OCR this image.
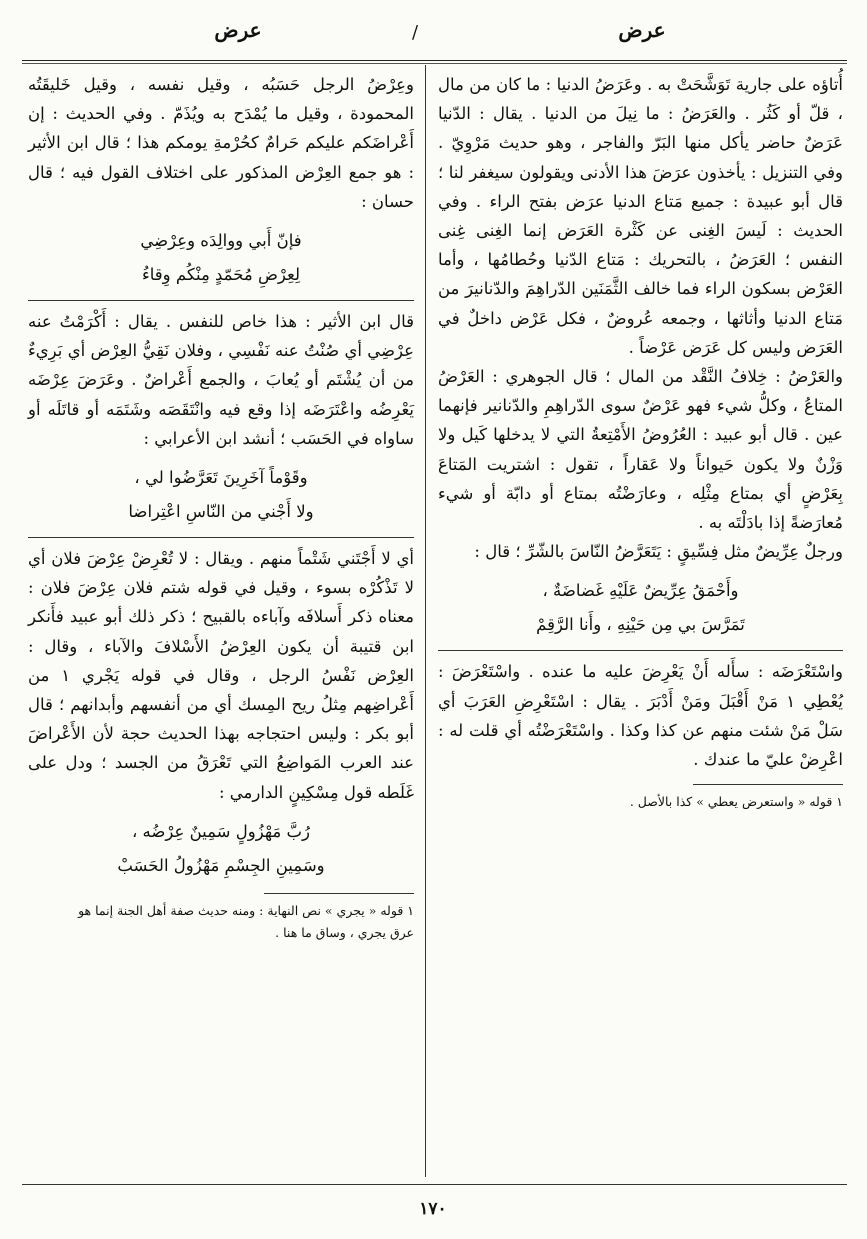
عرض
/
عرض

أُتاؤه على جارية تَوَشَّحَتْ به . وعَرَضُ الدنيا : ما كان من مال ، قلّ أو كَثُر . والعَرَضُ : ما نِيلَ من الدنيا . يقال : الدّنيا عَرَضٌ حاضر يأكل منها البَرّ والفاجر ، وهو حديث مَرْوِيّ . وفي التنزيل : يأخذون عرَضَ هذا الأدنى ويقولون سيغفر لنا ؛ قال أبو عبيدة : جميع مَتاع الدنيا عرَض بفتح الراء . وفي الحديث : لَيسَ الغِنى عن كَثْرة العَرَض إنما الغِنى غِنى النفس ؛ العَرَضُ ، بالتحريك : مَتاع الدّنيا وحُطامُها ، وأما العَرْض بسكون الراء فما خالف الثَّمَنَين الدّراهِمَ والدّنانيرَ من مَتاع الدنيا وأثاثها ، وجمعه عُروضٌ ، فكل عَرْض داخلٌ في العَرَض وليس كل عَرَض عَرْضاً .

والعَرْضُ : خِلافُ النَّقْد من المال ؛ قال الجوهري : العَرْضُ المتاعُ ، وكلُّ شيء فهو عَرْضٌ سوى الدّراهِمِ والدّنانير فإنهما عين . قال أبو عبيد : العُرُوضُ الأَمْتِعةُ التي لا يدخلها كَيل ولا وَزْنٌ ولا يكون حَيواناً ولا عَقاراً ، تقول : اشتريت المَتاعَ بِعَرْضٍ أي بمتاع مِثْلِه ، وعارَضْتُه بمتاع أو دابّة أو شيء مُعارَضةً إذا بادَلْتَه به .

ورجلٌ عِرِّيضٌ مثل فِسِّيقٍ : يَتَعَرَّضُ النّاسَ بالشّرِّ ؛ قال :

وأَحْمَقُ عِرِّيضٌ عَلَيْهِ غَضاضَةٌ ،
تَمَرَّسَ بي مِن حَيْنِهِ ، وأَنا الرَّقِمْ

واسْتَعْرَضَه : سأَله أَنْ يَعْرِضَ عليه ما عنده . واسْتَعْرَضَ : يُعْطِي ١ مَنْ أَقْبَلَ ومَنْ أَدْبَرَ . يقال : اسْتَعْرِضِ العَرَبَ أي سَلْ مَنْ شئت منهم عن كذا وكذا . واسْتَعْرَضْتُه أي قلت له : اعْرِضْ عليّ ما عندك .

١ قوله « واستعرض يعطي » كذا بالأصل .

وعِرْضُ الرجل حَسَبُه ، وقيل نفسه ، وقيل خَليقَتُه المحمودة ، وقيل ما يُمْدَح به ويُذَمّ . وفي الحديث : إن أَعْراضَكم عليكم حَرامٌ كحُرْمةِ يومكم هذا ؛ قال ابن الأثير : هو جمع العِرْض المذكور على اختلاف القول فيه ؛ قال حسان :

فإنّ أَبي ووالِدَه وعِرْضِي
لِعِرْضِ مُحَمّدٍ مِنْكُم وِقاءُ

قال ابن الأثير : هذا خاص للنفس . يقال : أَكْرَمْتُ عنه عِرْضِي أي صُنْتُ عنه نَفْسِي ، وفلان نَقِيُّ العِرْض أي بَرِيءٌ من أن يُشْتَم أو يُعابَ ، والجمع أَعْراضٌ . وعَرَضَ عِرْضَه يَعْرِضُه واعْتَرَضَه إذا وقع فيه وانْتَقَصَه وشَتَمَه أو قاتَلَه أو ساواه في الحَسَب ؛ أنشد ابن الأعرابي :

وقَوْماً آخَرِينَ تَعَرَّضُوا لي ،
ولا أَجْني من النّاسِ اعْتِراضا

أي لا أَجْتَني شَتْماً منهم . ويقال : لا تُعْرِضْ عِرْضَ فلان أي لا تَذْكُرْه بسوء ، وقيل في قوله شتم فلان عِرْضَ فلان : معناه ذكر أَسلافَه وآباءه بالقبيح ؛ ذكر ذلك أبو عبيد فأَنكر ابن قتيبة أن يكون العِرْضُ الأَسْلافَ والآباء ، وقال : العِرْض نَفْسُ الرجل ، وقال في قوله يَجْري ١ من أَعْراضِهم مِثلُ ريح المِسك أي من أنفسهم وأبدانهم ؛ قال أبو بكر : وليس احتجاجه بهذا الحديث حجة لأن الأَعْراضَ عند العرب المَواضِعُ التي تَعْرَقُ من الجسد ؛ ودل على غَلَطه قول مِسْكِينٍ الدارمي :

رُبَّ مَهْزُولٍ سَمِينٌ عِرْضُه ،
وسَمِينِ الجِسْمِ مَهْزُولُ الحَسَبْ
١ قوله « يجري » نص النهاية : ومنه حديث صفة أهل الجنة إنما هو
عرق يجري ، وساق ما هنا .
١٧٠
